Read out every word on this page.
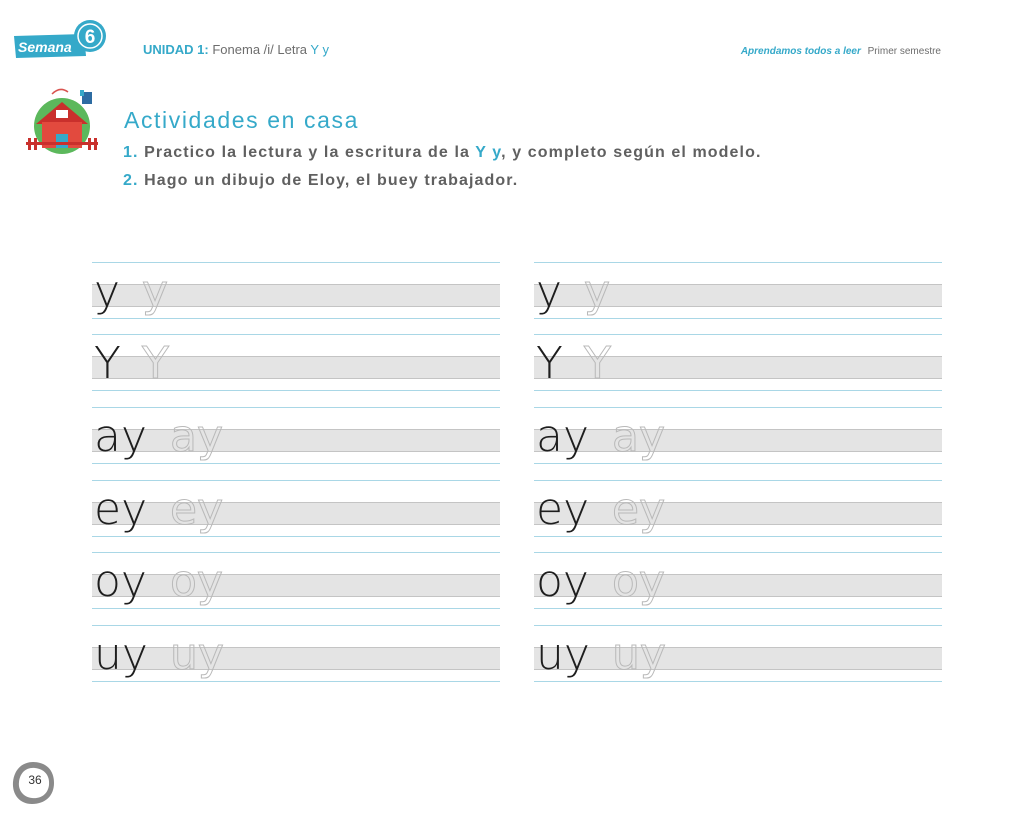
Semana 6
UNIDAD 1: Fonema /i/ Letra Y y	Aprendamos todos a leer Primer semestre
Actividades en casa
1. Practico la lectura y la escritura de la Y y, y completo según el modelo.
2. Hago un dibujo de Eloy, el buey trabajador.
y y
Y Y
ay ay
ey ey
oy oy
uy uy
y y
Y Y
ay ay
ey ey
oy oy
uy uy
36
